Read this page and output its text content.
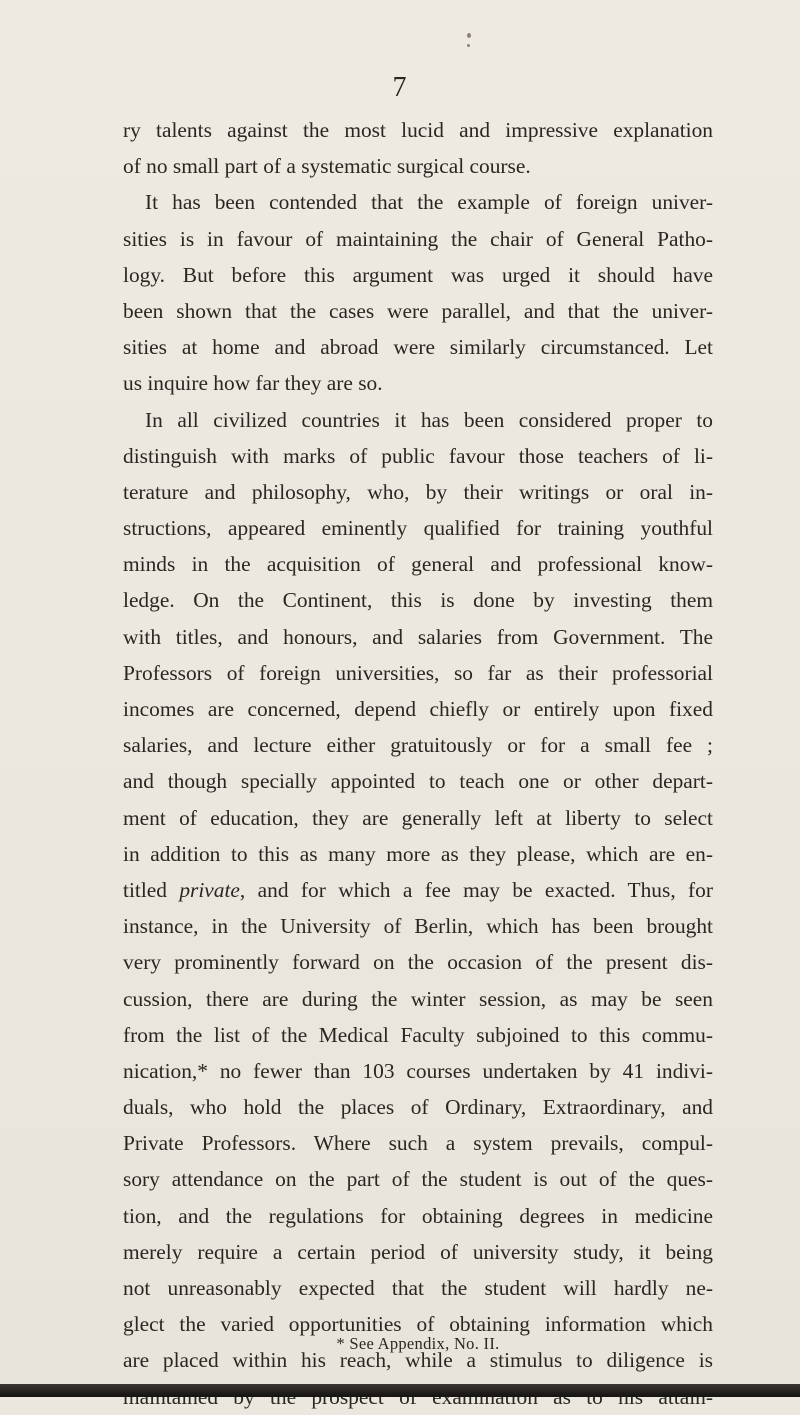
7
ry talents against the most lucid and impressive explanation
of no small part of a systematic surgical course.
It has been contended that the example of foreign univer-
sities is in favour of maintaining the chair of General Patho-
logy. But before this argument was urged it should have
been shown that the cases were parallel, and that the univer-
sities at home and abroad were similarly circumstanced. Let
us inquire how far they are so.
In all civilized countries it has been considered proper to
distinguish with marks of public favour those teachers of li-
terature and philosophy, who, by their writings or oral in-
structions, appeared eminently qualified for training youthful
minds in the acquisition of general and professional know-
ledge. On the Continent, this is done by investing them
with titles, and honours, and salaries from Government. The
Professors of foreign universities, so far as their professorial
incomes are concerned, depend chiefly or entirely upon fixed
salaries, and lecture either gratuitously or for a small fee ;
and though specially appointed to teach one or other depart-
ment of education, they are generally left at liberty to select
in addition to this as many more as they please, which are en-
titled private, and for which a fee may be exacted. Thus, for
instance, in the University of Berlin, which has been brought
very prominently forward on the occasion of the present dis-
cussion, there are during the winter session, as may be seen
from the list of the Medical Faculty subjoined to this commu-
nication,* no fewer than 103 courses undertaken by 41 indivi-
duals, who hold the places of Ordinary, Extraordinary, and
Private Professors. Where such a system prevails, compul-
sory attendance on the part of the student is out of the ques-
tion, and the regulations for obtaining degrees in medicine
merely require a certain period of university study, it being
not unreasonably expected that the student will hardly ne-
glect the varied opportunities of obtaining information which
are placed within his reach, while a stimulus to diligence is
* See Appendix, No. II.
